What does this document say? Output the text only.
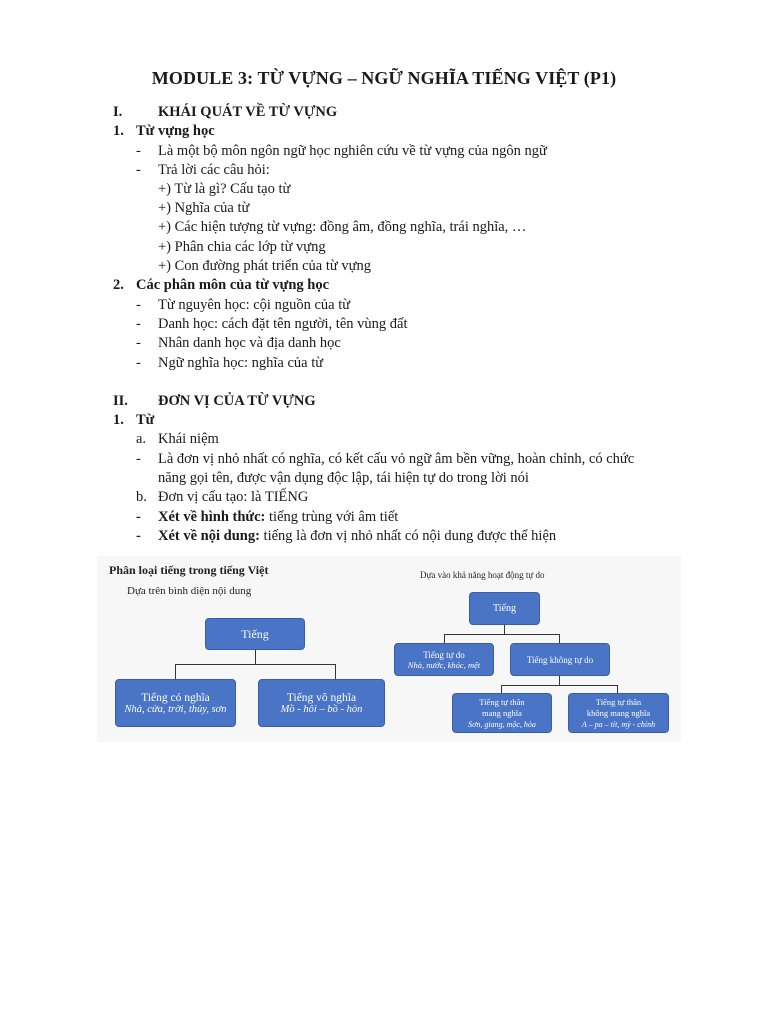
MODULE 3: TỪ VỰNG – NGỮ NGHĨA TIẾNG VIỆT (P1)
I. KHÁI QUÁT VỀ TỪ VỰNG
1. Từ vựng học
- Là một bộ môn ngôn ngữ học nghiên cứu về từ vựng của ngôn ngữ
- Trả lời các câu hỏi:
+) Từ là gì? Cấu tạo từ
+) Nghĩa của từ
+) Các hiện tượng từ vựng: đồng âm, đồng nghĩa, trái nghĩa, …
+) Phân chia các lớp từ vựng
+) Con đường phát triển của từ vựng
2. Các phân môn của từ vựng học
- Từ nguyên học: cội nguồn của từ
- Danh học: cách đặt tên người, tên vùng đất
- Nhân danh học và địa danh học
- Ngữ nghĩa học: nghĩa của từ
II. ĐƠN VỊ CỦA TỪ VỰNG
1. Từ
a. Khái niệm
- Là đơn vị nhỏ nhất có nghĩa, có kết cấu vỏ ngữ âm bền vững, hoàn chỉnh, có chức
năng gọi tên, được vận dụng độc lập, tái hiện tự do trong lời nói
b. Đơn vị cấu tạo: là TIẾNG
- Xét về hình thức: tiếng trùng với âm tiết
- Xét về nội dung: tiếng là đơn vị nhỏ nhất có nội dung được thể hiện
Phân loại tiếng trong tiếng Việt
Dựa trên bình diện nội dung
Tiếng
Tiếng có nghĩa
Nhà, cửa, trời, thủy, sơn
Tiếng vô nghĩa
Mồ - hôi – bồ - hòn
Dựa vào khả năng hoạt động tự do
Tiếng
Tiếng tự do
Nhà, nước, khóc, mệt	Tiếng không tự do
Tiếng tự thân
mang nghĩa
Sơn, giang, mộc, hỏa
Tiếng tự thân
không mang nghĩa
A – pa – tít, mỳ - chính
